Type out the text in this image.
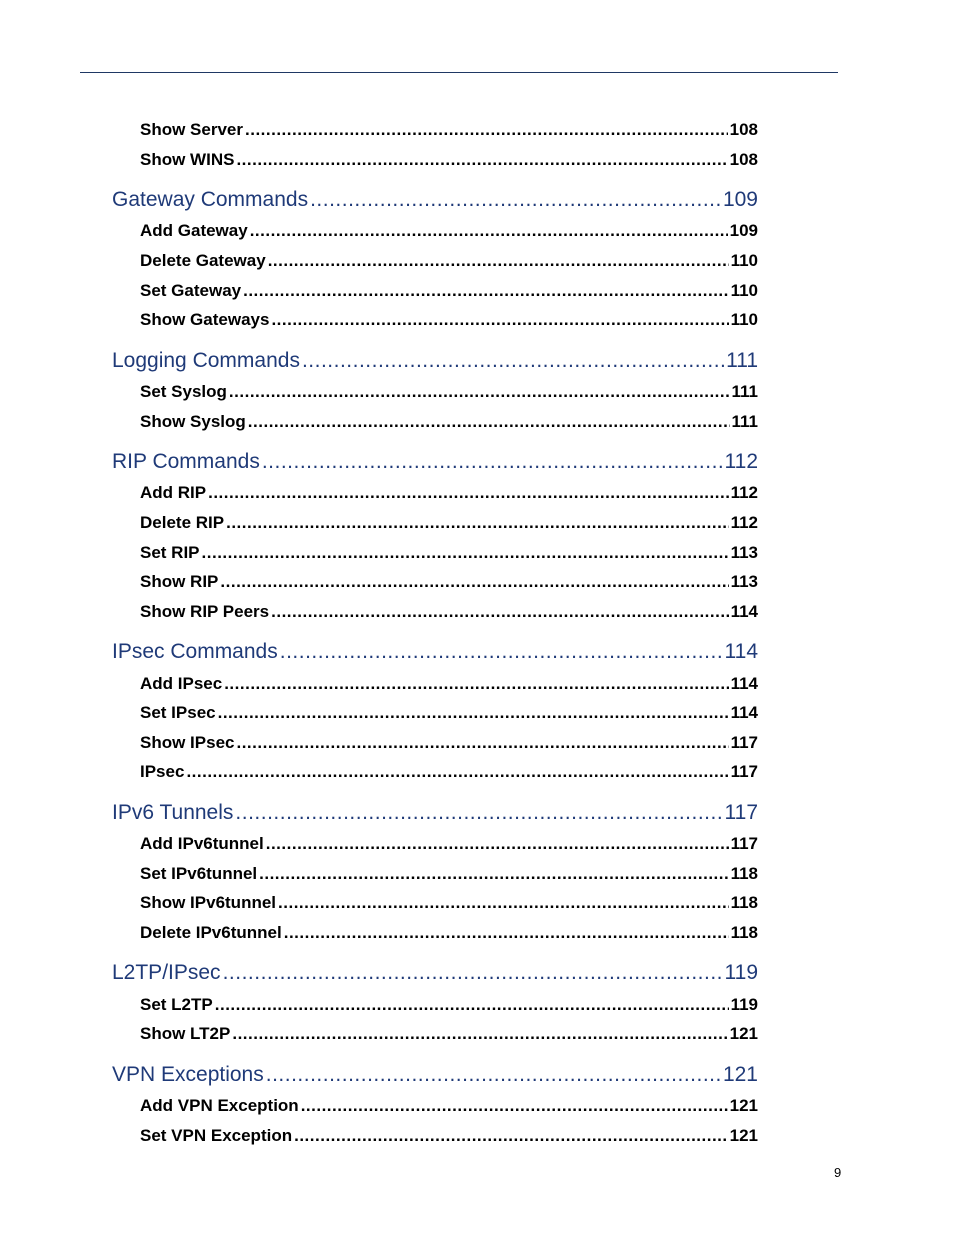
Show Server .....	108
Show WINS .....	108
Gateway Commands .....	109
Add Gateway .....	109
Delete Gateway .....	110
Set Gateway .....	110
Show Gateways .....	110
Logging Commands .....	111
Set Syslog .....	111
Show Syslog .....	111
RIP Commands .....	112
Add RIP .....	112
Delete RIP .....	112
Set RIP .....	113
Show RIP .....	113
Show RIP Peers .....	114
IPsec Commands .....	114
Add IPsec .....	114
Set IPsec .....	114
Show IPsec .....	117
IPsec .....	117
IPv6 Tunnels .....	117
Add IPv6tunnel .....	117
Set IPv6tunnel .....	118
Show IPv6tunnel .....	118
Delete IPv6tunnel .....	118
L2TP/IPsec .....	119
Set L2TP .....	119
Show LT2P .....	121
VPN Exceptions .....	121
Add VPN Exception .....	121
Set VPN Exception .....	121
9
